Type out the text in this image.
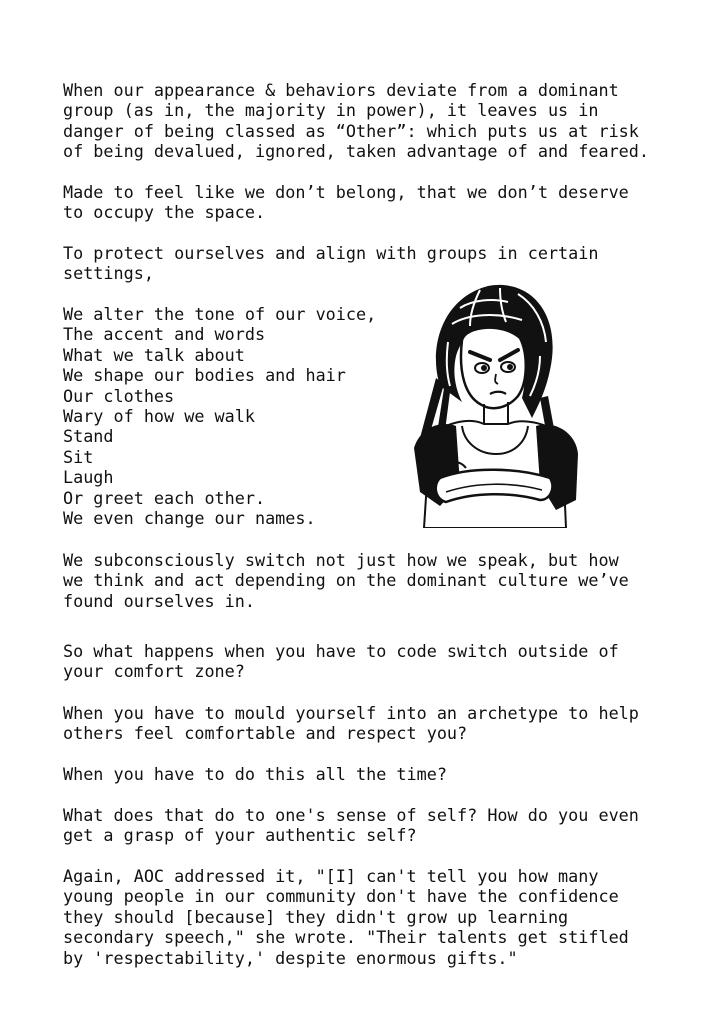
When our appearance & behaviors deviate from a dominant
group (as in, the majority in power), it leaves us in
danger of being classed as “Other”: which puts us at risk
of being devalued, ignored, taken advantage of and feared.

Made to feel like we don’t belong, that we don’t deserve
to occupy the space.

To protect ourselves and align with groups in certain
settings,

We alter the tone of our voice,
The accent and words
What we talk about
We shape our bodies and hair
Our clothes
Wary of how we walk
Stand
Sit
Laugh
Or greet each other.
We even change our names.

We subconsciously switch not just how we speak, but how
we think and act depending on the dominant culture we’ve
found ourselves in.

So what happens when you have to code switch outside of
your comfort zone?

When you have to mould yourself into an archetype to help
others feel comfortable and respect you?

When you have to do this all the time?

What does that do to one's sense of self? How do you even
get a grasp of your authentic self?

Again, AOC addressed it, "[I] can't tell you how many
young people in our community don't have the confidence
they should [because] they didn't grow up learning
secondary speech," she wrote. "Their talents get stifled
by 'respectability,' despite enormous gifts."
